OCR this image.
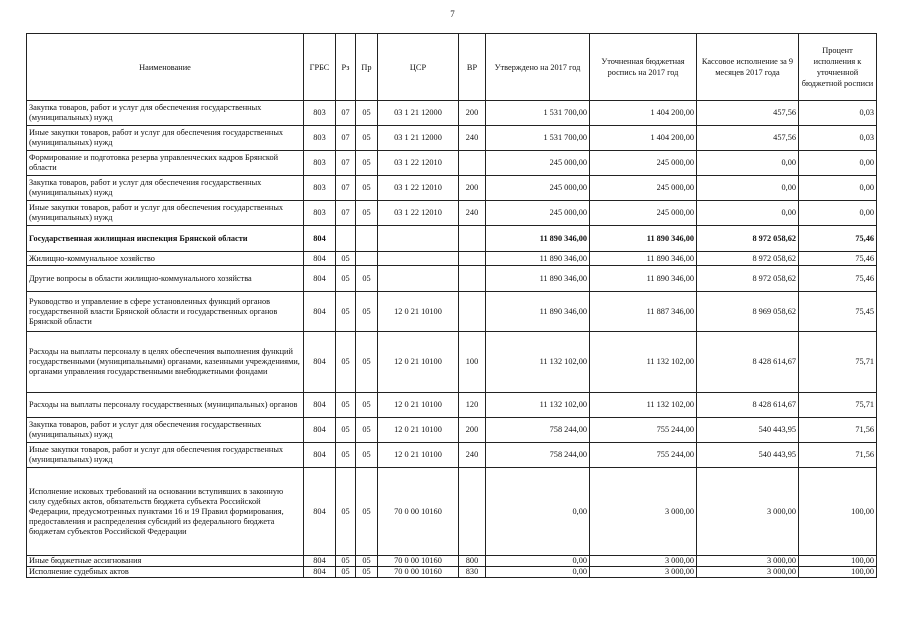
7
Наименование	ГРБС	Рз	Пр	ЦСР	ВР	Утверждено на 2017 год	Уточненная бюджетная роспись на 2017 год	Кассовое исполнение за 9 месяцев 2017 года	Процент исполнения к уточненной бюджетной росписи
Закупка товаров, работ и услуг для обеспечения государственных (муниципальных) нужд	803	07	05	03 1 21 12000	200	1 531 700,00	1 404 200,00	457,56	0,03
Иные закупки товаров, работ и услуг для обеспечения государственных (муниципальных) нужд	803	07	05	03 1 21 12000	240	1 531 700,00	1 404 200,00	457,56	0,03
Формирование и подготовка резерва управленческих кадров Брянской области	803	07	05	03 1 22 12010		245 000,00	245 000,00	0,00	0,00
Закупка товаров, работ и услуг для обеспечения государственных (муниципальных) нужд	803	07	05	03 1 22 12010	200	245 000,00	245 000,00	0,00	0,00
Иные закупки товаров, работ и услуг для обеспечения государственных (муниципальных) нужд	803	07	05	03 1 22 12010	240	245 000,00	245 000,00	0,00	0,00
Государственная жилищная инспекция Брянской области	804					11 890 346,00	11 890 346,00	8 972 058,62	75,46
Жилищно-коммунальное хозяйство	804	05				11 890 346,00	11 890 346,00	8 972 058,62	75,46
Другие вопросы в области жилищно-коммунального хозяйства	804	05	05			11 890 346,00	11 890 346,00	8 972 058,62	75,46
Руководство и управление в сфере установленных функций органов государственной власти Брянской области и государственных органов Брянской области	804	05	05	12 0 21 10100		11 890 346,00	11 887 346,00	8 969 058,62	75,45
Расходы на выплаты персоналу в целях обеспечения выполнения функций государственными (муниципальными) органами, казенными учреждениями, органами управления государственными внебюджетными фондами	804	05	05	12 0 21 10100	100	11 132 102,00	11 132 102,00	8 428 614,67	75,71
Расходы на выплаты персоналу государственных (муниципальных) органов	804	05	05	12 0 21 10100	120	11 132 102,00	11 132 102,00	8 428 614,67	75,71
Закупка товаров, работ и услуг для обеспечения государственных (муниципальных) нужд	804	05	05	12 0 21 10100	200	758 244,00	755 244,00	540 443,95	71,56
Иные закупки товаров, работ и услуг для обеспечения государственных (муниципальных) нужд	804	05	05	12 0 21 10100	240	758 244,00	755 244,00	540 443,95	71,56
Исполнение исковых требований на основании вступивших в законную силу судебных актов, обязательств бюджета субъекта Российской Федерации, предусмотренных пунктами 16 и 19 Правил формирования, предоставления и распределения субсидий из федерального бюджета бюджетам субъектов Российской Федерации	804	05	05	70 0 00 10160		0,00	3 000,00	3 000,00	100,00
Иные бюджетные ассигнования	804	05	05	70 0 00 10160	800	0,00	3 000,00	3 000,00	100,00
Исполнение судебных актов	804	05	05	70 0 00 10160	830	0,00	3 000,00	3 000,00	100,00
